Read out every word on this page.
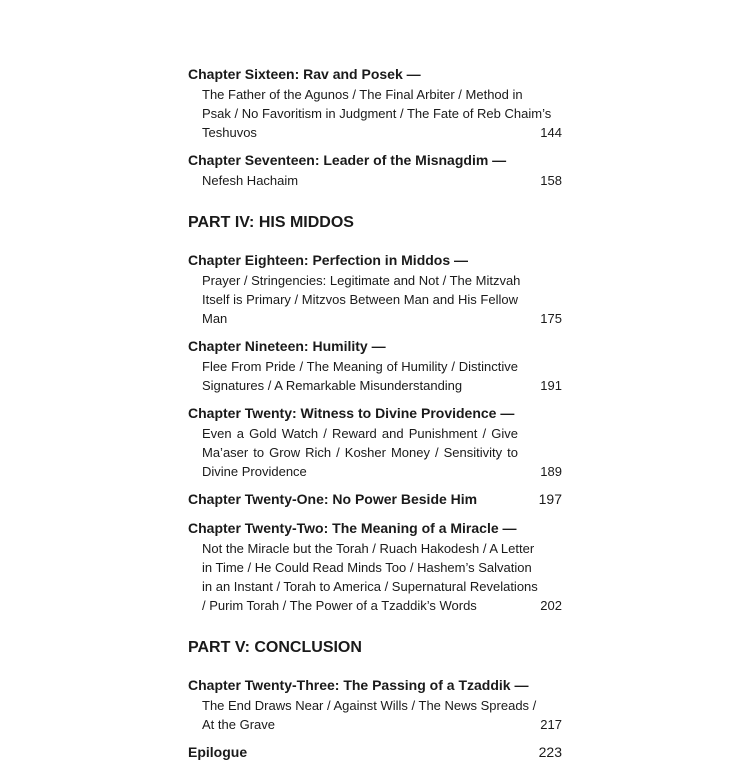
Chapter Sixteen: Rav and Posek —
The Father of the Agunos / The Final Arbiter / Method in
Psak / No Favoritism in Judgment / The Fate of Reb Chaim’s
Teshuvos	144
Chapter Seventeen: Leader of the Misnagdim —
Nefesh Hachaim	158
PART IV: HIS MIDDOS
Chapter Eighteen: Perfection in Middos —
Prayer / Stringencies: Legitimate and Not / The Mitzvah
Itself is Primary / Mitzvos Between Man and His Fellow
Man	175
Chapter Nineteen: Humility —
Flee From Pride / The Meaning of Humility / Distinctive
Signatures / A Remarkable Misunderstanding	191
Chapter Twenty: Witness to Divine Providence —
Even a Gold Watch / Reward and Punishment / Give
Ma’aser to Grow Rich / Kosher Money / Sensitivity to
Divine Providence	189
Chapter Twenty-One: No Power Beside Him	197
Chapter Twenty-Two: The Meaning of a Miracle —
Not the Miracle but the Torah / Ruach Hakodesh / A Letter
in Time / He Could Read Minds Too / Hashem’s Salvation
in an Instant / Torah to America / Supernatural Revelations
/ Purim Torah / The Power of a Tzaddik’s Words	202
PART V: CONCLUSION
Chapter Twenty-Three: The Passing of a Tzaddik —
The End Draws Near / Against Wills / The News Spreads /
At the Grave	217
Epilogue	223
